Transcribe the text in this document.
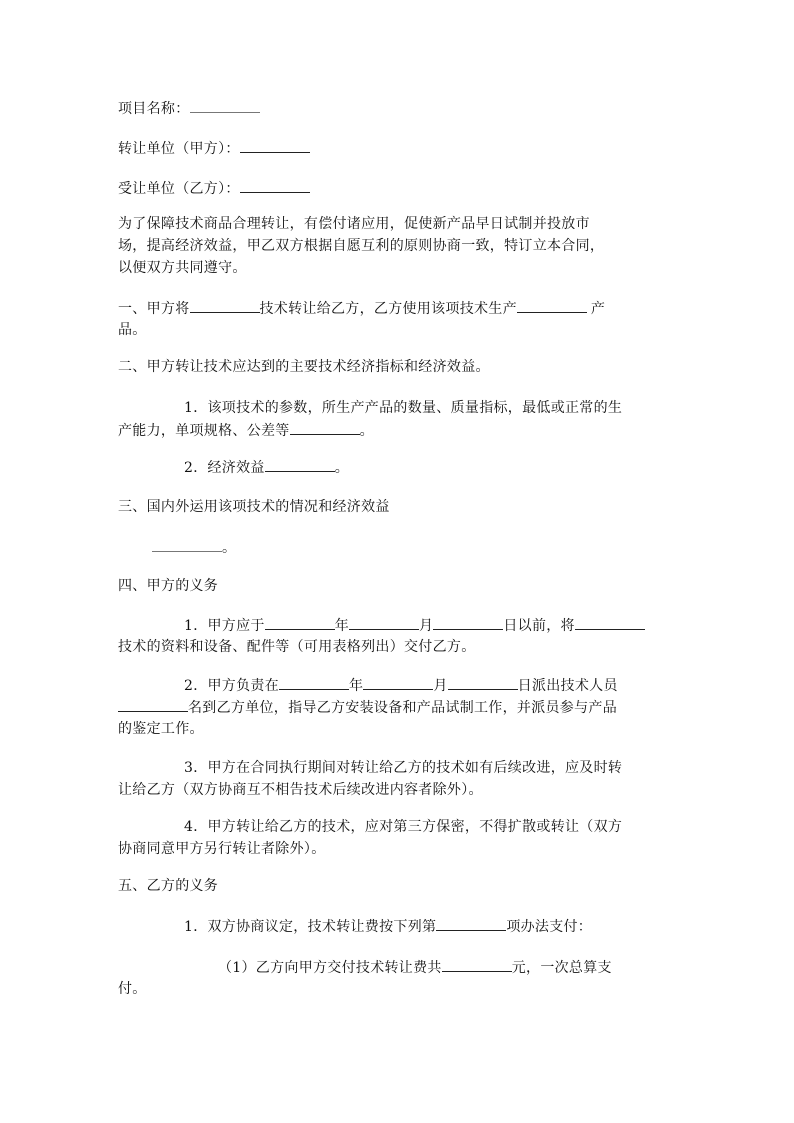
项目名称：
转让单位（甲方）：
受让单位（乙方）：
为了保障技术商品合理转让，有偿付诸应用，促使新产品早日试制并投放市
场，提高经济效益，甲乙双方根据自愿互利的原则协商一致，特订立本合同，
以便双方共同遵守。
一、甲方将	技术转让给乙方，乙方使用该项技术生产	产
品。
二、甲方转让技术应达到的主要技术经济指标和经济效益。
1．该项技术的参数，所生产产品的数量、质量指标，最低或正常的生
产能力，单项规格、公差等	。
2．经济效益	。
三、国内外运用该项技术的情况和经济效益
。
四、甲方的义务
1．甲方应于	年	月	日以前，将
技术的资料和设备、配件等（可用表格列出）交付乙方。
2．甲方负责在	年	月	日派出技术人员
名到乙方单位，指导乙方安装设备和产品试制工作，并派员参与产品
的鉴定工作。
3．甲方在合同执行期间对转让给乙方的技术如有后续改进，应及时转
让给乙方（双方协商互不相告技术后续改进内容者除外）。
4．甲方转让给乙方的技术，应对第三方保密，不得扩散或转让（双方
协商同意甲方另行转让者除外）。
五、乙方的义务
1．双方协商议定，技术转让费按下列第	项办法支付：
（1）乙方向甲方交付技术转让费共	元，一次总算支
付。
